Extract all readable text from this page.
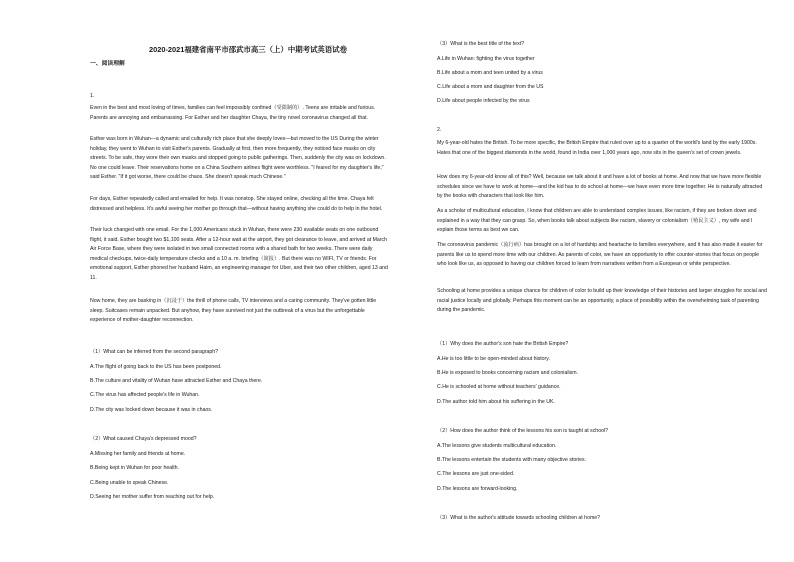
2020-2021福建省南平市邵武市高三（上）中期考试英语试卷
一、阅读理解
1.

Even in the best and most loving of times, families can feel impossibly confined（受限制的）. Teens are irritable and furious. Parents are annoying and embarrassing. For Esther and her daughter Chaya, the tiny novel coronavirus changed all that.

Esther was born in Wuhan—a dynamic and culturally rich place that she deeply loves—but moved to the US During the winter holiday, they went to Wuhan to visit Esther's parents. Gradually at first, then more frequently, they noticed face masks on city streets. To be safe, they wore their own masks and stopped going to public gatherings. Then, suddenly the city was on lockdown. No one could leave. Their reservations home on a China Southern airlines flight were worthless. "I feared for my daughter's life," said Esther. "If it got worse, there could be chaos. She doesn't speak much Chinese."

For days, Esther repeatedly called and emailed for help. It was nonstop. She stayed online, checking all the time. Chaya felt distressed and helpless. It's awful seeing her mother go through that—without having anything she could do to help in the hotel.

Their luck changed with one email. For the 1,000 Americans stuck in Wuhan, there were 230 available seats on one outbound flight, it said. Esther bought two $1,100 seats. After a 12-hour wait at the airport, they got clearance to leave, and arrived at March Air Force Base, where they were isolated in two small connected rooms with a shared bath for two weeks. There were daily medical checkups, twice-daily temperature checks and a 10 a. m. briefing（简报）. But there was no WIFI, TV or friends. For emotional support, Esther phoned her husband Haim, an engineering manager for Uber, and their two other children, aged 13 and 11.

Now home, they are basking in（沉浸于）the thrill of phone calls, TV interviews and a caring community. They've gotten little sleep. Suitcases remain unpacked. But anyhow, they have survived not just the outbreak of a virus but the unforgettable experience of mother-daughter reconnection.

（1）What can be inferred from the second paragraph?
A.The flight of going back to the US has been postponed.
B.The culture and vitality of Wuhan have attracted Esther and Chaya there.
C.The virus has affected people's life in Wuhan.
D.The city was locked down because it was in chaos.
（2）What caused Chaya's depressed mood?
A.Missing her family and friends at home.
B.Being kept in Wuhan for poor health.
C.Being unable to speak Chinese.
D.Seeing her mother suffer from reaching out for help.
（3）What is the best title of the text?
A.Life in Wuhan: fighting the virus together
B.Life about a mom and teen united by a virus
C.Life about a mom and daughter from the US
D.Life about people infected by the virus
2.

My 6-year-old hates the British. To be more specific, the British Empire that ruled over up to a quarter of the world's land by the early 1900s. Hates that one of the biggest diamonds in the world, found in India over 1,000 years ago, now sits in the queen's set of crown jewels.

How does my 6-year-old know all of this? Well, because we talk about it and have a lot of books at home. And now that we have more flexible schedules since we have to work at home—and the kid has to do school at home—we have even more time together. He is naturally attracted by the books with characters that look like him.

As a scholar of multicultural education, I know that children are able to understand complex issues, like racism, if they are broken down and explained in a way that they can grasp. So, when books talk about subjects like racism, slavery or colonialism（殖民主义）, my wife and I explain those terms as best we can.

The coronavirus pandemic（流行病）has brought on a lot of hardship and heartache to families everywhere, and it has also made it easier for parents like us to spend more time with our children. As parents of color, we have an opportunity to offer counter-stories that focus on people who look like us, as opposed to having our children forced to learn from narratives written from a European or white perspective.

Schooling at home provides a unique chance for children of color to build up their knowledge of their histories and larger struggles for social and racial justice locally and globally. Perhaps this moment can be an opportunity, a place of possibility within the overwhelming task of parenting during the pandemic.

（1）Why does the author's son hate the British Empire?
A.He is too little to be open-minded about history.
B.He is exposed to books concerning racism and colonialism.
C.He is schooled at home without teachers' guidance.
D.The author told him about his suffering in the UK.
（2）How does the author think of the lessons his son is taught at school?
A.The lessons give students multicultural education.
B.The lessons entertain the students with many objective stories.
C.The lessons are just one-sided.
D.The lessons are forward-looking.
（3）What is the author's attitude towards schooling children at home?
